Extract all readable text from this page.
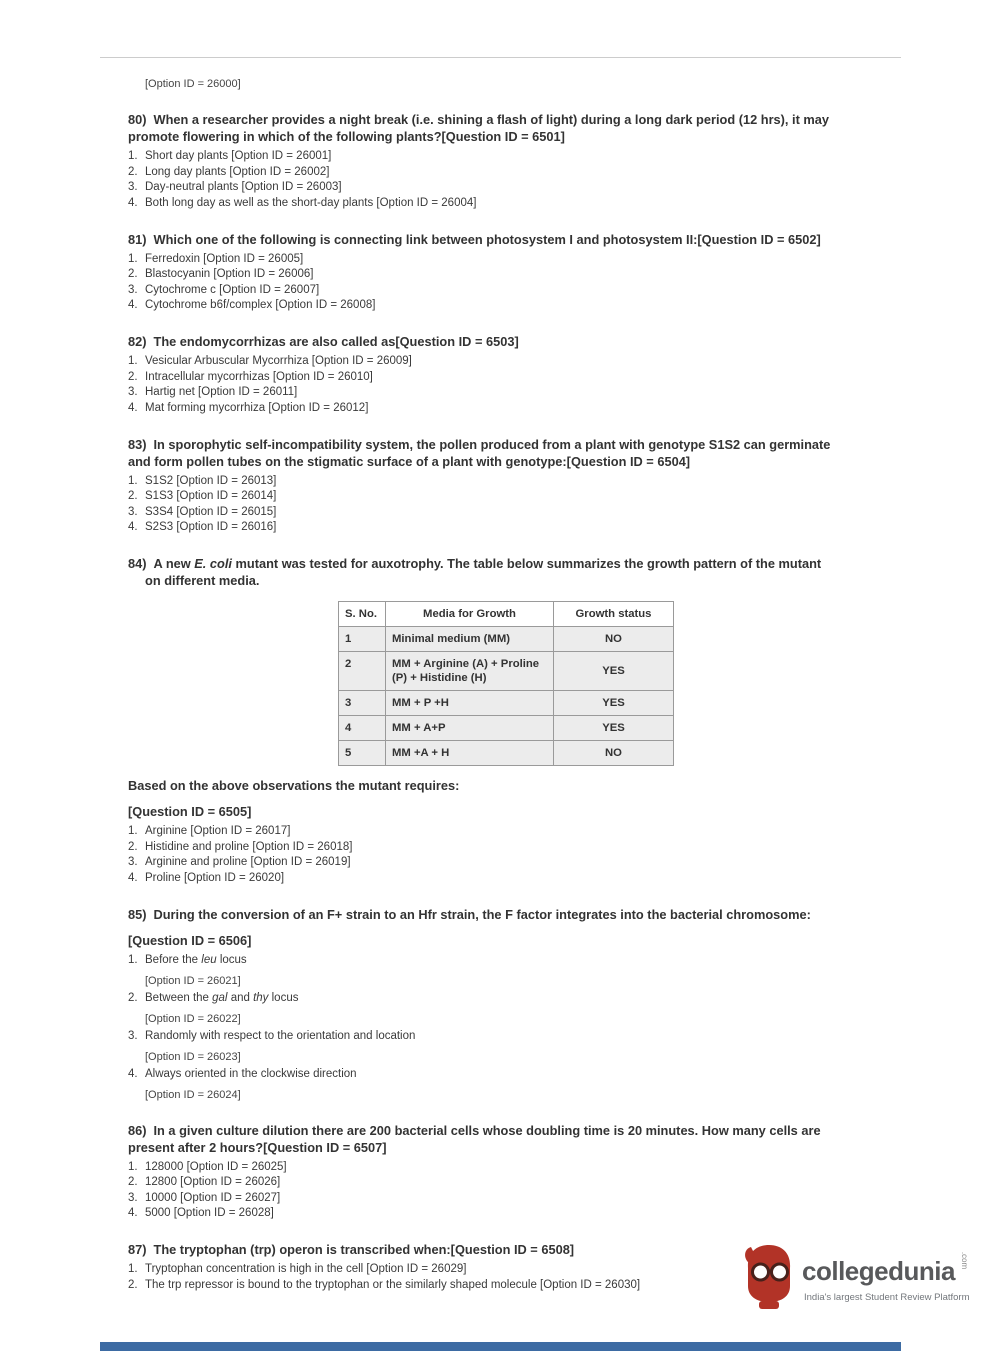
[Option ID = 26000]

80) When a researcher provides a night break (i.e. shining a flash of light) during a long dark period (12 hrs), it may promote flowering in which of the following plants?[Question ID = 6501]

1. Short day plants [Option ID = 26001]
2. Long day plants [Option ID = 26002]
3. Day-neutral plants [Option ID = 26003]
4. Both long day as well as the short-day plants [Option ID = 26004]

81) Which one of the following is connecting link between photosystem I and photosystem II:[Question ID = 6502]

1. Ferredoxin [Option ID = 26005]
2. Blastocyanin [Option ID = 26006]
3. Cytochrome c [Option ID = 26007]
4. Cytochrome b6f/complex [Option ID = 26008]

82) The endomycorrhizas are also called as[Question ID = 6503]

1. Vesicular Arbuscular Mycorrhiza [Option ID = 26009]
2. Intracellular mycorrhizas [Option ID = 26010]
3. Hartig net [Option ID = 26011]
4. Mat forming mycorrhiza [Option ID = 26012]

83) In sporophytic self-incompatibility system, the pollen produced from a plant with genotype S1S2 can germinate and form pollen tubes on the stigmatic surface of a plant with genotype:[Question ID = 6504]

1. S1S2 [Option ID = 26013]
2. S1S3 [Option ID = 26014]
3. S3S4 [Option ID = 26015]
4. S2S3 [Option ID = 26016]

84) A new E. coli mutant was tested for auxotrophy. The table below summarizes the growth pattern of the mutant on different media.

S. No.	Media for Growth	Growth status
1	Minimal medium (MM)	NO
2	MM + Arginine (A) + Proline (P) + Histidine (H)	YES
3	MM + P +H	YES
4	MM + A+P	YES
5	MM +A + H	NO

Based on the above observations the mutant requires:

[Question ID = 6505]

1. Arginine [Option ID = 26017]
2. Histidine and proline [Option ID = 26018]
3. Arginine and proline [Option ID = 26019]
4. Proline [Option ID = 26020]

85) During the conversion of an F+ strain to an Hfr strain, the F factor integrates into the bacterial chromosome:

[Question ID = 6506]

1. Before the leu locus
[Option ID = 26021]
2. Between the gal and thy locus
[Option ID = 26022]
3. Randomly with respect to the orientation and location
[Option ID = 26023]
4. Always oriented in the clockwise direction
[Option ID = 26024]

86) In a given culture dilution there are 200 bacterial cells whose doubling time is 20 minutes. How many cells are present after 2 hours?[Question ID = 6507]

1. 128000 [Option ID = 26025]
2. 12800 [Option ID = 26026]
3. 10000 [Option ID = 26027]
4. 5000 [Option ID = 26028]

87) The tryptophan (trp) operon is transcribed when:[Question ID = 6508]

1. Tryptophan concentration is high in the cell [Option ID = 26029]
2. The trp repressor is bound to the tryptophan or the similarly shaped molecule [Option ID = 26030]	collegedunia .com
India's largest Student Review Platform
